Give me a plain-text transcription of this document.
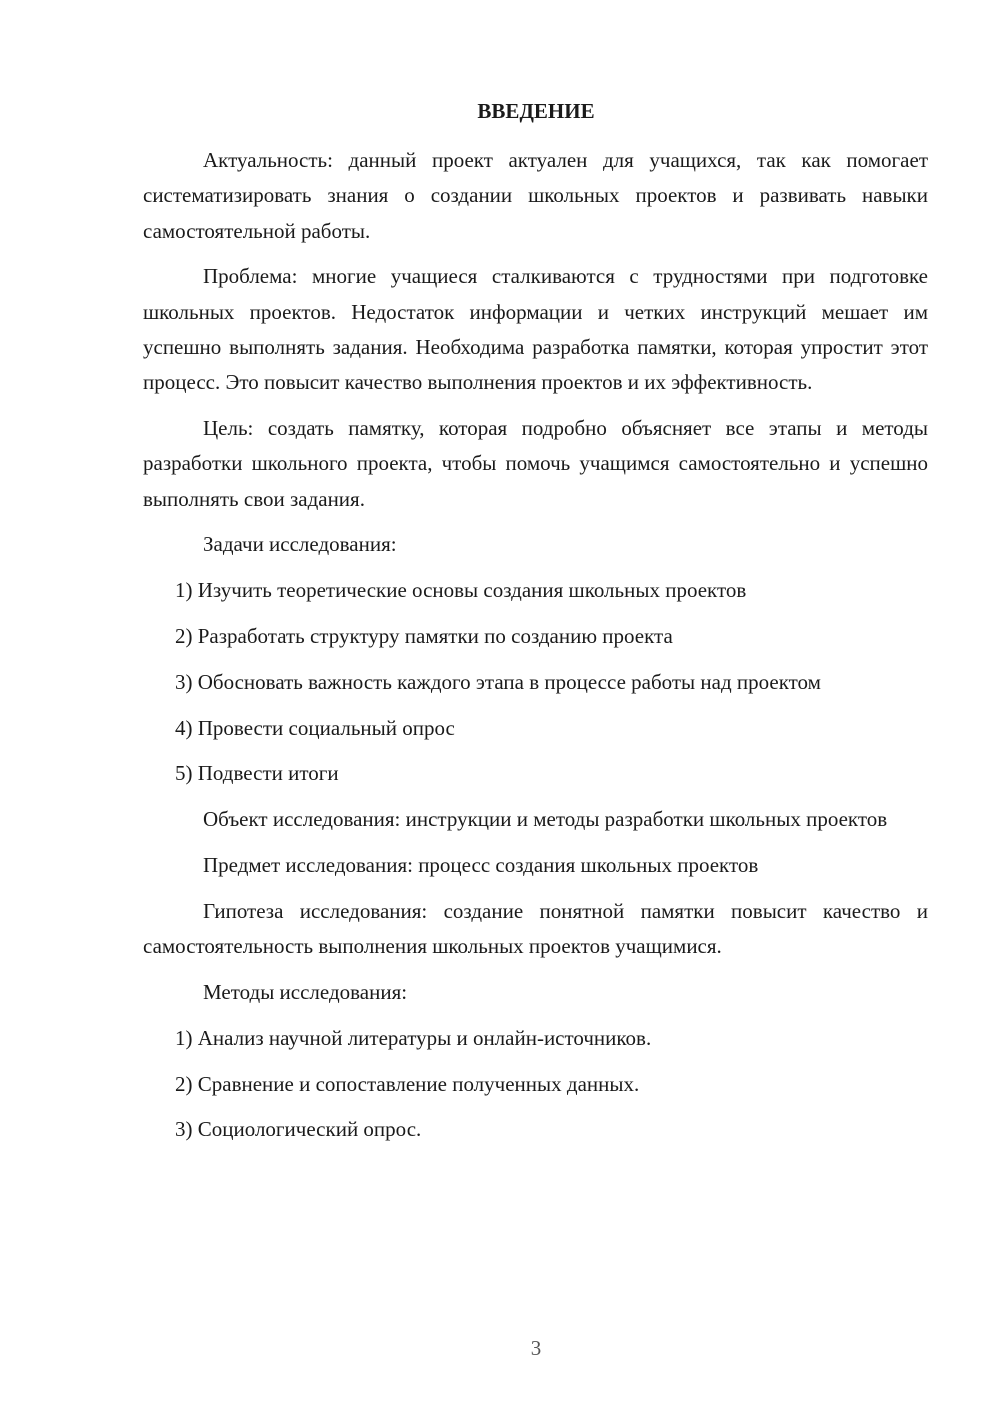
ВВЕДЕНИЕ

Актуальность: данный проект актуален для учащихся, так как помогает систематизировать знания о создании школьных проектов и развивать навыки самостоятельной работы.

Проблема: многие учащиеся сталкиваются с трудностями при подготовке школьных проектов. Недостаток информации и четких инструкций мешает им успешно выполнять задания. Необходима разработка памятки, которая упростит этот процесс. Это повысит качество выполнения проектов и их эффективность.

Цель: создать памятку, которая подробно объясняет все этапы и методы разработки школьного проекта, чтобы помочь учащимся самостоятельно и успешно выполнять свои задания.

Задачи исследования:

1) Изучить теоретические основы создания школьных проектов

2) Разработать структуру памятки по созданию проекта

3) Обосновать важность каждого этапа в процессе работы над проектом

4) Провести социальный опрос

5) Подвести итоги

Объект исследования: инструкции и методы разработки школьных проектов

Предмет исследования: процесс создания школьных проектов

Гипотеза исследования: создание понятной памятки повысит качество и самостоятельность выполнения школьных проектов учащимися.

Методы исследования:

1) Анализ научной литературы и онлайн-источников.

2) Сравнение и сопоставление полученных данных.

3) Социологический опрос.

3
